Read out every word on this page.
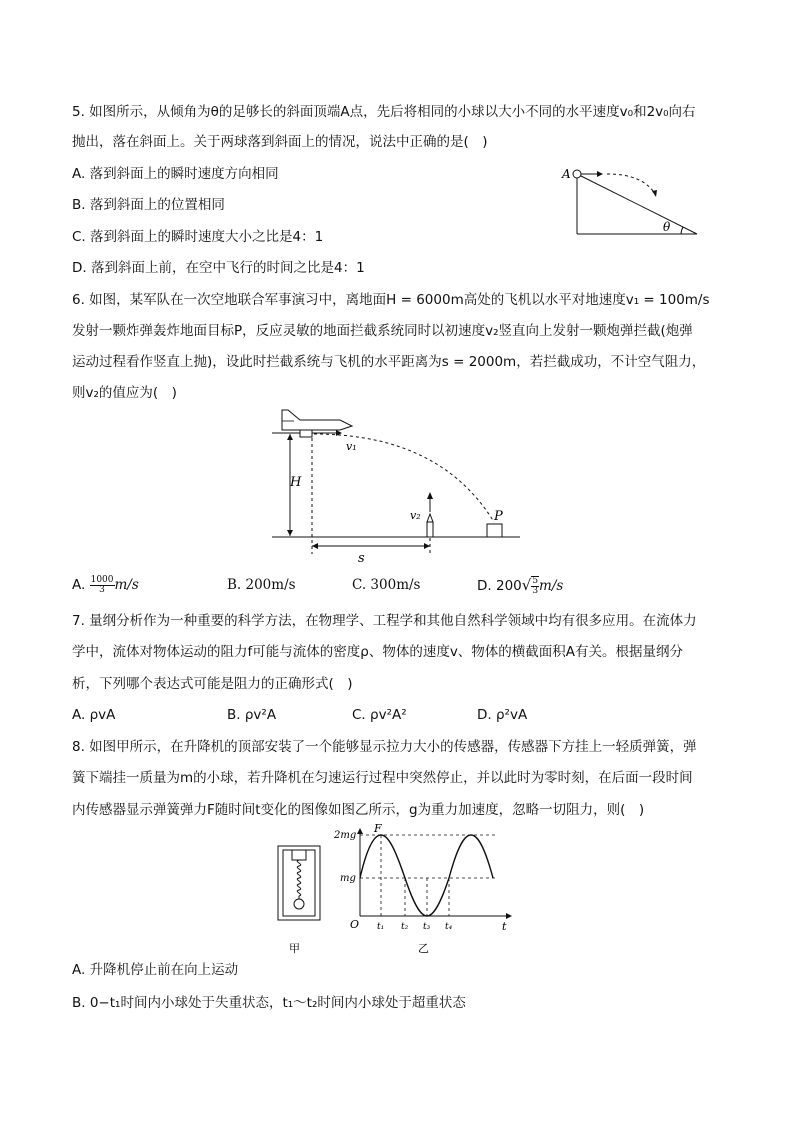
5. 如图所示，从倾角为θ的足够长的斜面顶端A点，先后将相同的小球以大小不同的水平速度v₀和2v₀向右
抛出，落在斜面上。关于两球落到斜面上的情况，说法中正确的是(　)
A. 落到斜面上的瞬时速度方向相同
B. 落到斜面上的位置相同
C. 落到斜面上的瞬时速度大小之比是4：1
D. 落到斜面上前，在空中飞行的时间之比是4：1
A
θ
6. 如图，某军队在一次空地联合军事演习中，离地面H = 6000m高处的飞机以水平对地速度v₁ = 100m/s
发射一颗炸弹轰炸地面目标P，反应灵敏的地面拦截系统同时以初速度v₂竖直向上发射一颗炮弹拦截(炮弹
运动过程看作竖直上抛)，设此时拦截系统与飞机的水平距离为s = 2000m，若拦截成功，不计空气阻力，
则v₂的值应为(　)
v₁
v₂
H
P
s
A. $\frac{1000}{3} m/s$	B. 200m/s	C. 300m/s	D. $200√ \frac{5}{3} m/s$
7. 量纲分析作为一种重要的科学方法，在物理学、工程学和其他自然科学领域中均有很多应用。在流体力
学中，流体对物体运动的阻力f可能与流体的密度ρ、物体的速度v、物体的横截面积A有关。根据量纲分
析，下列哪个表达式可能是阻力的正确形式(　)
A. ρvA	B. ρv²A	C. ρv²A²	D. ρ²vA
8. 如图甲所示，在升降机的顶部安装了一个能够显示拉力大小的传感器，传感器下方挂上一轻质弹簧，弹
簧下端挂一质量为m的小球，若升降机在匀速运行过程中突然停止，并以此时为零时刻，在后面一段时间
内传感器显示弹簧弹力F随时间t变化的图像如图乙所示，g为重力加速度，忽略一切阻力，则(　)
甲
F
2mg
mg
O	t
t₁ t₂ t₃ t₄
乙
A. 升降机停止前在向上运动
B. 0−t₁时间内小球处于失重状态，t₁～t₂时间内小球处于超重状态
